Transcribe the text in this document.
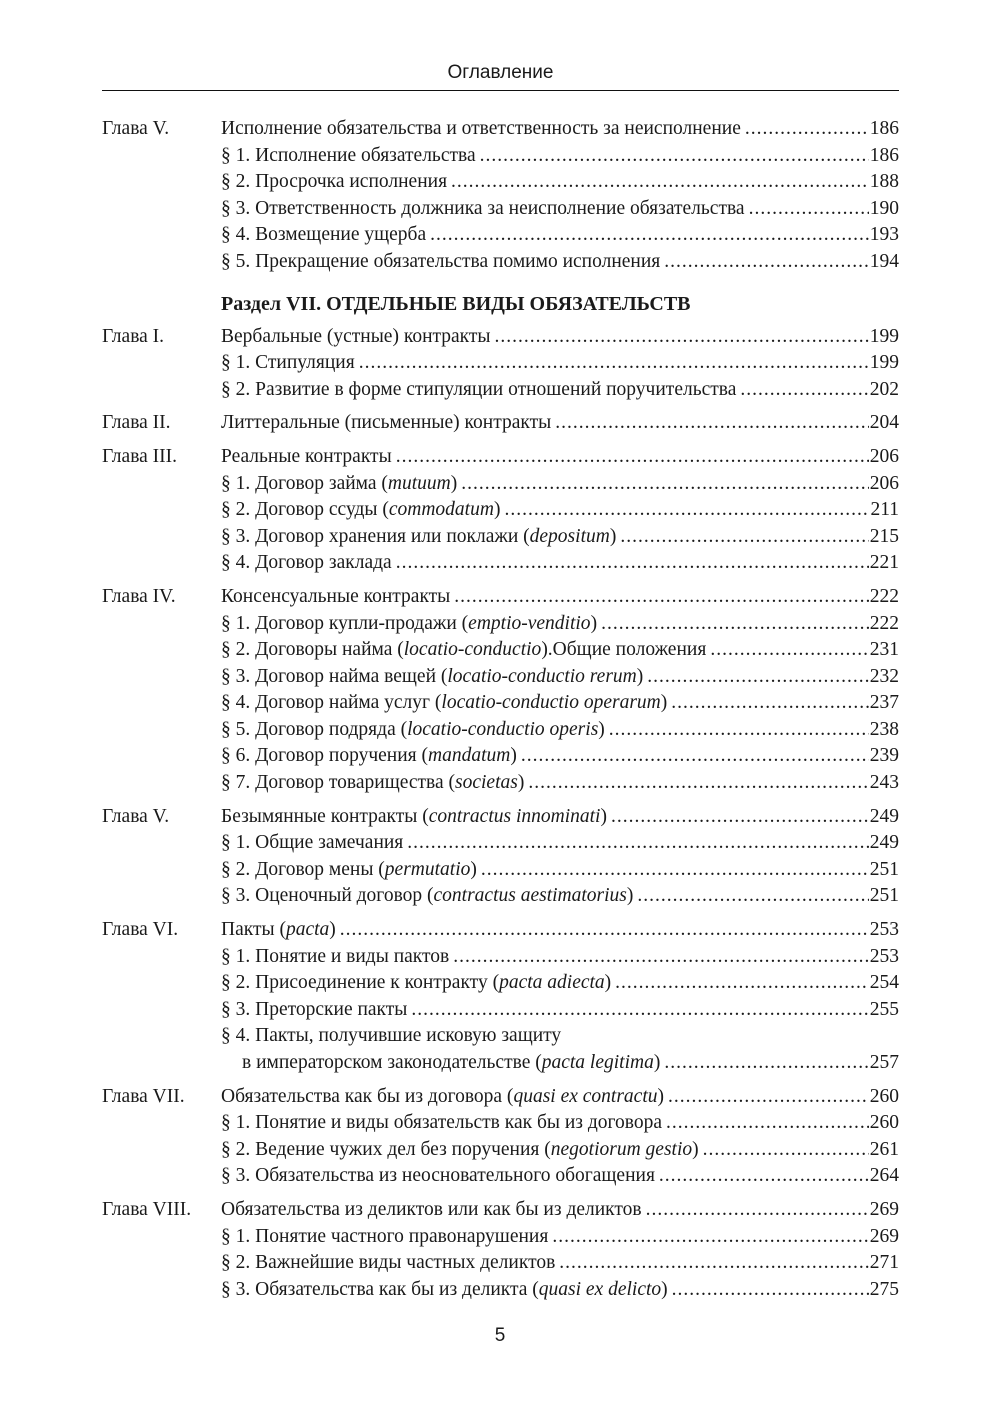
Оглавление
Глава V.	Исполнение обязательства и ответственность за неисполнение .....	186
§ 1. Исполнение обязательства .....	186
§ 2. Просрочка исполнения .....	188
§ 3. Ответственность должника за неисполнение обязательства .....	190
§ 4. Возмещение ущерба .....	193
§ 5. Прекращение обязательства помимо исполнения .....	194
Раздел VII. ОТДЕЛЬНЫЕ ВИДЫ ОБЯЗАТЕЛЬСТВ
Глава I.	Вербальные (устные) контракты .....	199
§ 1. Стипуляция .....	199
§ 2. Развитие в форме стипуляции отношений поручительства .....	202
Глава II.	Литтеральные (письменные) контракты .....	204
Глава III.	Реальные контракты .....	206
§ 1. Договор займа (mutuum) .....	206
§ 2. Договор ссуды (commodatum) .....	211
§ 3. Договор хранения или поклажи (depositum) .....	215
§ 4. Договор заклада .....	221
Глава IV.	Консенсуальные контракты .....	222
§ 1. Договор купли-продажи (emptio-venditio) .....	222
§ 2. Договоры найма (locatio-conductio).Общие положения .....	231
§ 3. Договор найма вещей (locatio-conductio rerum) .....	232
§ 4. Договор найма услуг (locatio-conductio operarum) .....	237
§ 5. Договор подряда (locatio-conductio operis) .....	238
§ 6. Договор поручения (mandatum) .....	239
§ 7. Договор товарищества (societas) .....	243
Глава V.	Безымянные контракты (contractus innominati) .....	249
§ 1. Общие замечания .....	249
§ 2. Договор мены (permutatio) .....	251
§ 3. Оценочный договор (contractus aestimatorius) .....	251
Глава VI.	Пакты (pacta) .....	253
§ 1. Понятие и виды пактов .....	253
§ 2. Присоединение к контракту (pacta adiecta) .....	254
§ 3. Преторские пакты .....	255
§ 4. Пакты, получившие исковую защиту
в императорском законодательстве (pacta legitima) .....	257
Глава VII.	Обязательства как бы из договора (quasi ex contractu) .....	260
§ 1. Понятие и виды обязательств как бы из договора .....	260
§ 2. Ведение чужих дел без поручения (negotiorum gestio) .....	261
§ 3. Обязательства из неосновательного обогащения .....	264
Глава VIII.	Обязательства из деликтов или как бы из деликтов .....	269
§ 1. Понятие частного правонарушения .....	269
§ 2. Важнейшие виды частных деликтов .....	271
§ 3. Обязательства как бы из деликта (quasi ex delicto) .....	275
5
